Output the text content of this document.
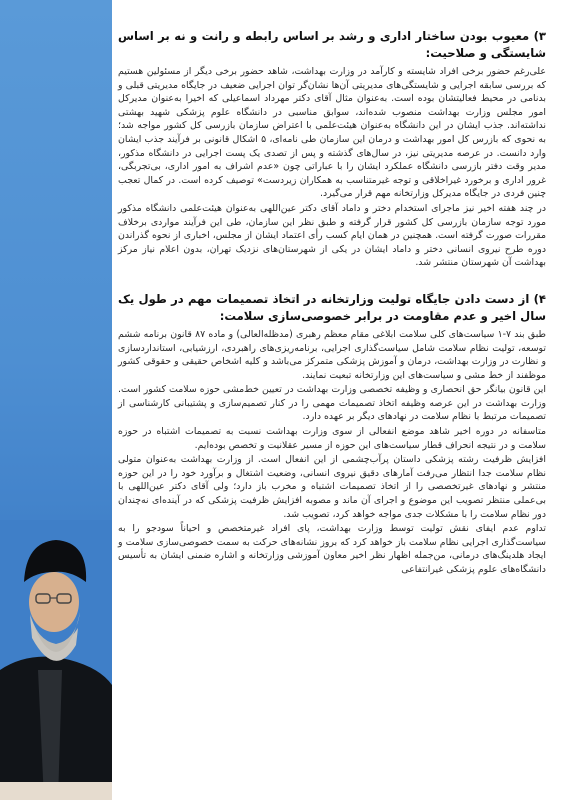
۳) معیوب بودن ساختار اداری و رشد بر اساس رابطه و رانت و نه بر اساس شایستگی و صلاحیت:

علی‌رغم حضور برخی افراد شایسته و کارآمد در وزارت بهداشت، شاهد حضور برخی دیگر از مسئولین هستیم که بررسی سابقه اجرایی و شایستگی‌های مدیریتی آن‌ها نشان‌گر توان اجرایی ضعیف در جایگاه مدیریتی قبلی و بدنامی در محیط فعالیتشان بوده است. به‌عنوان مثال آقای دکتر مهرداد اسماعیلی که اخیرا به‌عنوان مدیرکل امور مجلس وزارت بهداشت منصوب شده‌اند، سوابق مناسبی در دانشگاه علوم پزشکی شهید بهشتی نداشته‌اند. جذب ایشان در این دانشگاه به‌عنوان هیئت‌علمی با اعتراض سازمان بازرسی کل کشور مواجه شد؛ به نحوی که بازرس کل امور بهداشت و درمان این سازمان طی نامه‌ای، ۵ اشکال قانونی بر فرآیند جذب ایشان وارد دانست. در عرصه مدیریتی نیز، در سال‌های گذشته و پس از تصدی یک پست اجرایی در دانشگاه مذکور، مدیر وقت دفتر بازرسی دانشگاه عملکرد ایشان را با عباراتی چون «عدم اشراف به امور اداری، بی‌تجربگی، غرور اداری و برخورد غیراخلاقی و توجه غیرمتناسب به همکاران زیردست» توصیف کرده است. در کمال تعجب چنین فردی در جایگاه مدیرکل وزارتخانه مهم قرار می‌گیرد.

در چند هفته اخیر نیز ماجرای استخدام دختر و داماد آقای دکتر عین‌اللهی به‌عنوان هیئت‌علمی دانشگاه مذکور مورد توجه سازمان بازرسی کل کشور قرار گرفته و طبق نظر این سازمان، طی این فرآیند مواردی برخلاف مقررات صورت گرفته است. همچنین در همان ایام کسب رأی اعتماد ایشان از مجلس، اخباری از نحوه گذراندن دوره طرح نیروی انسانی دختر و داماد ایشان در یکی از شهرستان‌های نزدیک تهران، بدون اعلام نیاز مرکز بهداشت آن شهرستان منتشر شد.

۴) از دست دادن جایگاه تولیت وزارتخانه در اتخاذ تصمیمات مهم در طول یک سال اخیر و عدم مقاومت در برابر خصوصی‌سازی سلامت:

طبق بند ۷-۱ سیاست‌های کلی سلامت ابلاغی مقام معظم رهبری (مدظله‌العالی) و ماده ۸۷ قانون برنامه ششم توسعه، تولیت نظام سلامت شامل سیاست‌گذاری اجرایی، برنامه‌ریزی‌های راهبردی، ارزشیابی، استانداردسازی و نظارت در وزارت بهداشت، درمان و آموزش پزشکی متمرکز می‌باشد و کلیه اشخاص حقیقی و حقوقی کشور موظفند از خط مشی و سیاست‌های این وزارتخانه تبعیت نمایند.

این قانون بیانگر حق انحصاری و وظیفه تخصصی وزارت بهداشت در تعیین خط‌مشی حوزه سلامت کشور است. وزارت بهداشت در این عرصه وظیفه اتخاذ تصمیمات مهمی را در کنار تصمیم‌سازی و پشتیبانی کارشناسی از تصمیمات مرتبط با نظام سلامت در نهادهای دیگر بر عهده دارد.

متاسفانه در دوره اخیر شاهد موضع انفعالی از سوی وزارت بهداشت نسبت به تصمیمات اشتباه در حوزه سلامت و در نتیجه انحراف قطار سیاست‌های این حوزه از مسیر عقلانیت و تخصص بوده‌ایم.

افزایش ظرفیت رشته پزشکی داستان پرآب‌چشمی از این انفعال است. از وزارت بهداشت به‌عنوان متولی نظام سلامت جدا انتظار می‌رفت آمارهای دقیق نیروی انسانی، وضعیت اشتغال و برآورد خود را در این حوزه منتشر و نهادهای غیرتخصصی را از اتخاذ تصمیمات اشتباه و مخرب باز دارد؛ ولی آقای دکتر عین‌اللهی با بی‌عملی منتظر تصویب این موضوع و اجرای آن ماند و مصوبه افزایش ظرفیت پزشکی که در آینده‌ای نه‌چندان دور نظام سلامت را با مشکلات جدی مواجه خواهد کرد، تصویب شد.

تداوم عدم ایفای نقش تولیت توسط وزارت بهداشت، پای افراد غیرمتخصص و احیاناً سودجو را به سیاست‌گذاری اجرایی نظام سلامت باز خواهد کرد که بروز نشانه‌های حرکت به سمت خصوصی‌سازی سلامت و ایجاد هلدینگ‌های درمانی، من‌جمله اظهار نظر اخیر معاون آموزشی وزارتخانه و اشاره ضمنی ایشان به تأسیس دانشگاه‌های علوم پزشکی غیرانتفاعی
